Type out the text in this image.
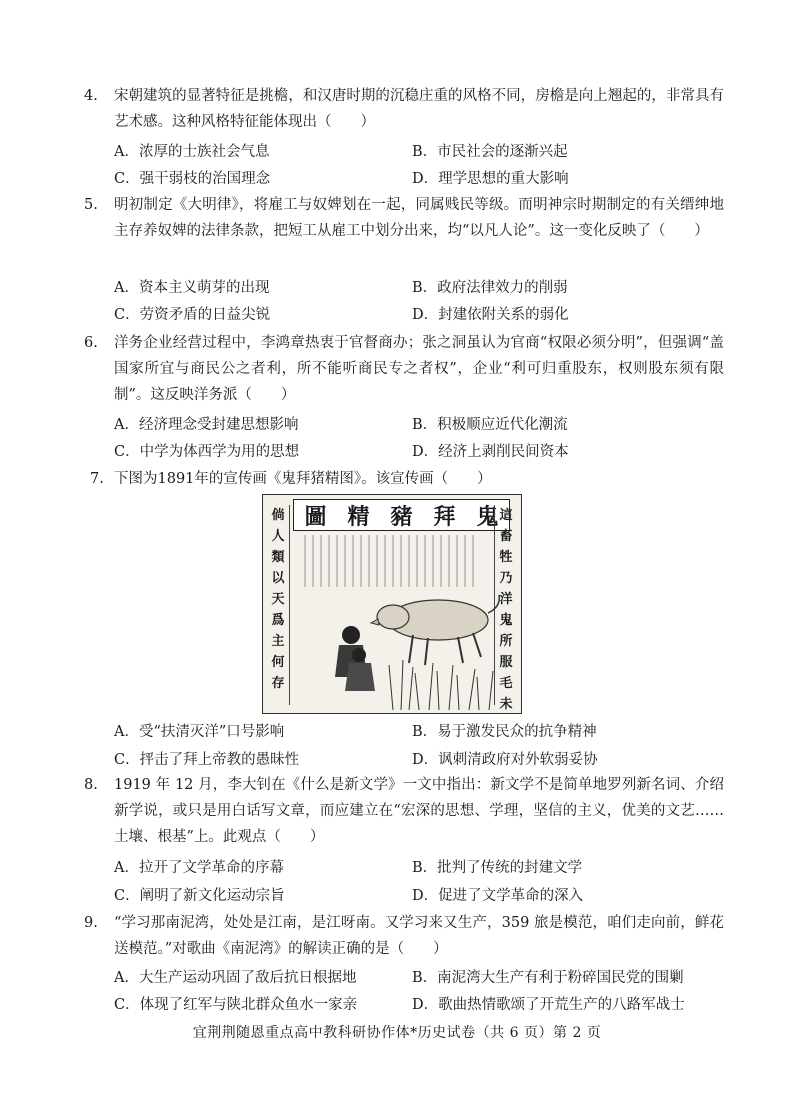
4. 宋朝建筑的显著特征是挑檐，和汉唐时期的沉稳庄重的风格不同，房檐是向上翘起的，非常具有艺术感。这种风格特征能体现出（　　）
A．浓厚的士族社会气息	B．市民社会的逐渐兴起
C．强干弱枝的治国理念	D．理学思想的重大影响
5. 明初制定《大明律》，将雇工与奴婢划在一起，同属贱民等级。而明神宗时期制定的有关缙绅地主存养奴婢的法律条款，把短工从雇工中划分出来，均“以凡人论”。这一变化反映了（　　）
A．资本主义萌芽的出现	B．政府法律效力的削弱
C．劳资矛盾的日益尖锐	D．封建依附关系的弱化
6. 洋务企业经营过程中，李鸿章热衷于官督商办；张之洞虽认为官商“权限必须分明”，但强调“盖国家所宜与商民公之者利，所不能听商民专之者权”，企业“利可归重股东，权则股东须有限制”。这反映洋务派（　　）
A．经济理念受封建思想影响	B．积极顺应近代化潮流
C．中学为体西学为用的思想	D．经济上剥削民间资本
7. 下图为1891年的宣传画《鬼拜猪精图》。该宣传画（　　）
圖 精 豬 拜 鬼
倘人類以天爲主何存
這畜牲乃洋鬼所服毛未
A．受“扶清灭洋”口号影响	B．易于激发民众的抗争精神
C．抨击了拜上帝教的愚昧性	D．讽刺清政府对外软弱妥协
8. 1919 年 12 月，李大钊在《什么是新文学》一文中指出：新文学不是简单地罗列新名词、介绍新学说，或只是用白话写文章，而应建立在“宏深的思想、学理，坚信的主义，优美的文艺……土壤、根基”上。此观点（　　）
A．拉开了文学革命的序幕	B．批判了传统的封建文学
C．阐明了新文化运动宗旨	D．促进了文学革命的深入
9. “学习那南泥湾，处处是江南，是江呀南。又学习来又生产，359 旅是模范，咱们走向前，鲜花送模范。”对歌曲《南泥湾》的解读正确的是（　　）
A．大生产运动巩固了敌后抗日根据地	B．南泥湾大生产有利于粉碎国民党的围剿
C．体现了红军与陕北群众鱼水一家亲	D．歌曲热情歌颂了开荒生产的八路军战士
宜荆荆随恩重点高中教科研协作体*历史试卷（共 6 页）第 2 页
